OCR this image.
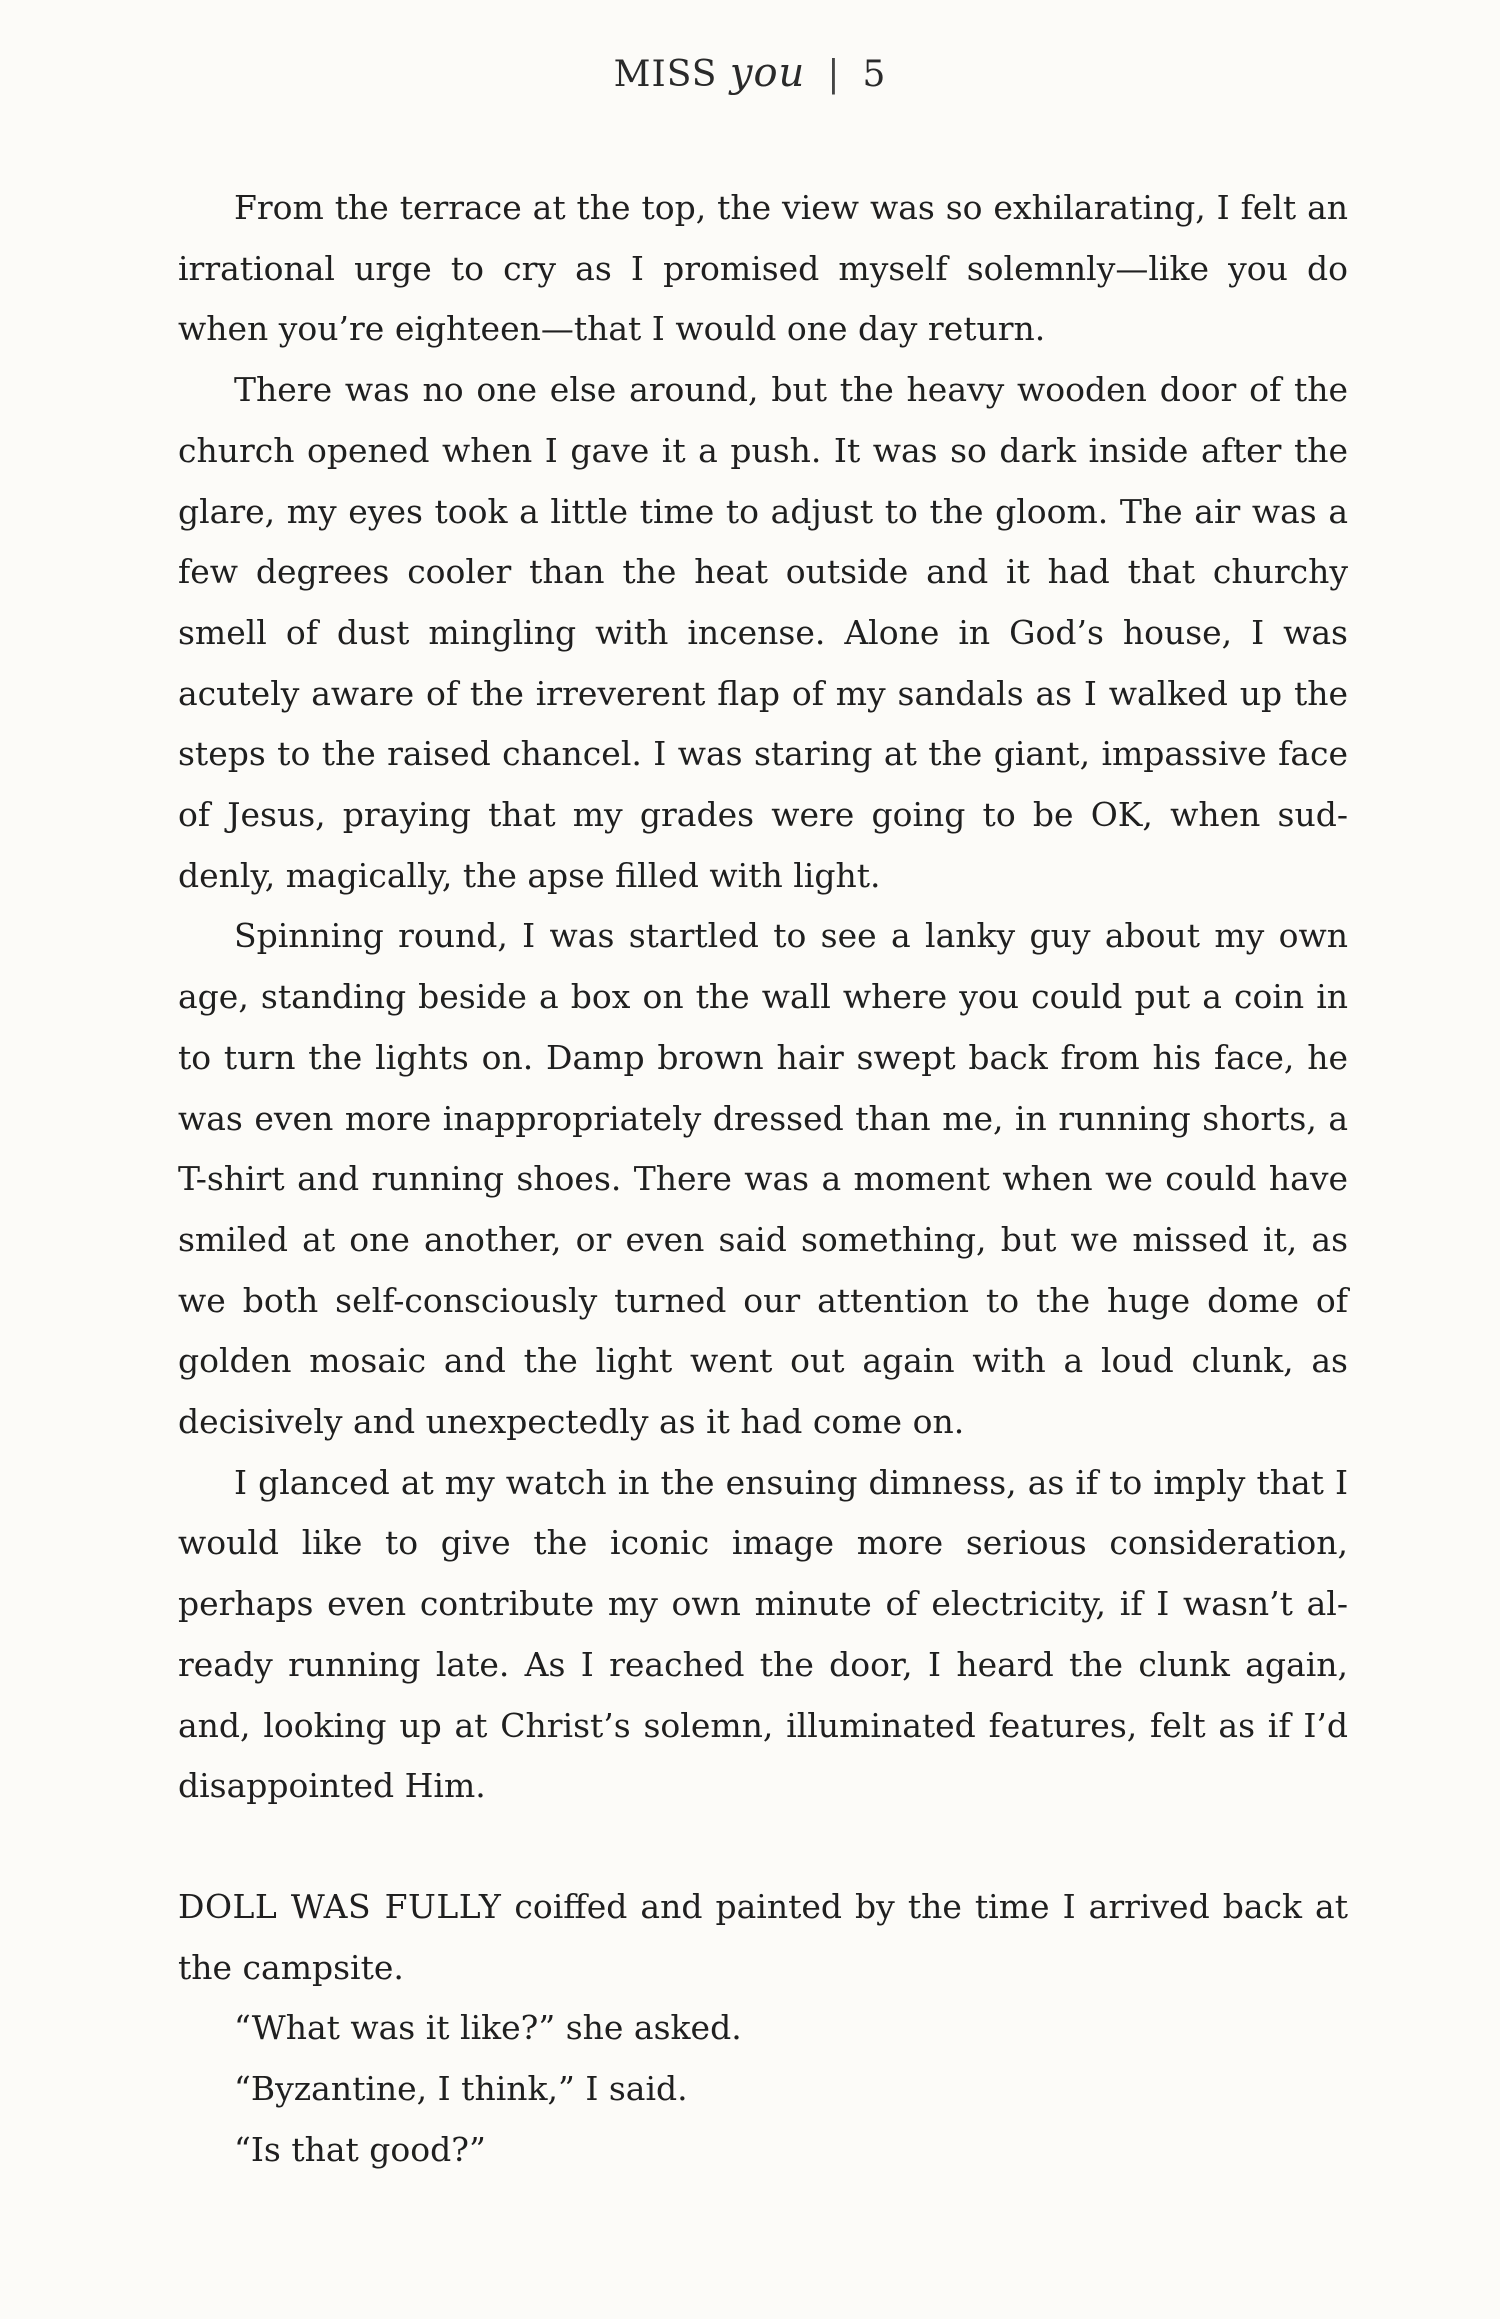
MISS you | 5

From the terrace at the top, the view was so exhilarating, I felt an irrational urge to cry as I promised myself solemnly—like you do when you’re eighteen—that I would one day return.

There was no one else around, but the heavy wooden door of the church opened when I gave it a push. It was so dark inside after the glare, my eyes took a little time to adjust to the gloom. The air was a few degrees cooler than the heat outside and it had that churchy smell of dust mingling with incense. Alone in God’s house, I was acutely aware of the irreverent flap of my sandals as I walked up the steps to the raised chancel. I was staring at the giant, impassive face of Jesus, praying that my grades were going to be OK, when suddenly, magically, the apse filled with light.

Spinning round, I was startled to see a lanky guy about my own age, standing beside a box on the wall where you could put a coin in to turn the lights on. Damp brown hair swept back from his face, he was even more inappropriately dressed than me, in running shorts, a T-shirt and running shoes. There was a moment when we could have smiled at one another, or even said something, but we missed it, as we both self-consciously turned our attention to the huge dome of golden mosaic and the light went out again with a loud clunk, as decisively and unexpectedly as it had come on.

I glanced at my watch in the ensuing dimness, as if to imply that I would like to give the iconic image more serious consideration, perhaps even contribute my own minute of electricity, if I wasn’t already running late. As I reached the door, I heard the clunk again, and, looking up at Christ’s solemn, illuminated features, felt as if I’d disappointed Him.

DOLL WAS FULLY coiffed and painted by the time I arrived back at the campsite.

“What was it like?” she asked.

“Byzantine, I think,” I said.

“Is that good?”
